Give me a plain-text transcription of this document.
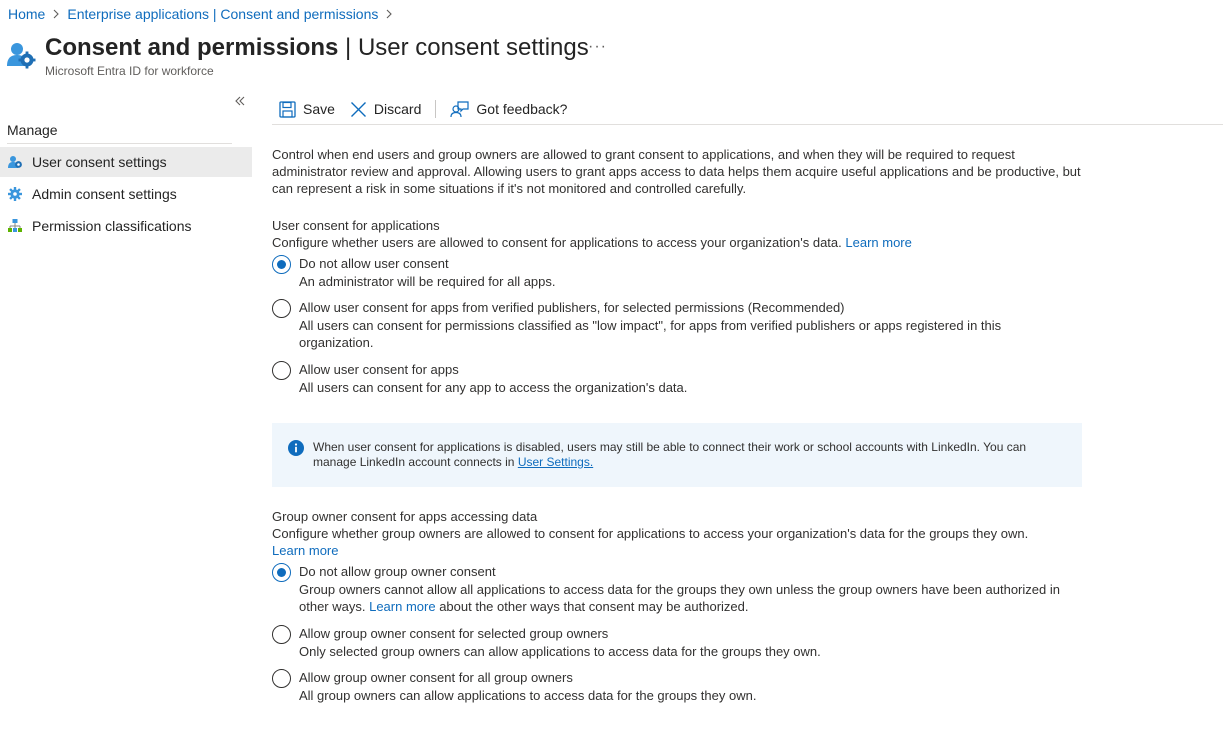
Home Enterprise applications | Consent and permissions
Consent and permissions | User consent settings
Microsoft Entra ID for workforce
···
Manage
User consent settings
Admin consent settings
Permission classifications
Save	Discard	Got feedback?

Control when end users and group owners are allowed to grant consent to applications, and when they will be required to request administrator review and approval. Allowing users to grant apps access to data helps them acquire useful applications and be productive, but can represent a risk in some situations if it's not monitored and controlled carefully.

User consent for applications
Configure whether users are allowed to consent for applications to access your organization's data. Learn more
Do not allow user consent
An administrator will be required for all apps.
Allow user consent for apps from verified publishers, for selected permissions (Recommended)
All users can consent for permissions classified as "low impact", for apps from verified publishers or apps registered in this organization.
Allow user consent for apps
All users can consent for any app to access the organization's data.
When user consent for applications is disabled, users may still be able to connect their work or school accounts with LinkedIn. You can manage LinkedIn account connects in User Settings.
Group owner consent for apps accessing data
Configure whether group owners are allowed to consent for applications to access your organization's data for the groups they own.
Learn more
Do not allow group owner consent
Group owners cannot allow all applications to access data for the groups they own unless the group owners have been authorized in other ways. Learn more about the other ways that consent may be authorized.
Allow group owner consent for selected group owners
Only selected group owners can allow applications to access data for the groups they own.
Allow group owner consent for all group owners
All group owners can allow applications to access data for the groups they own.
